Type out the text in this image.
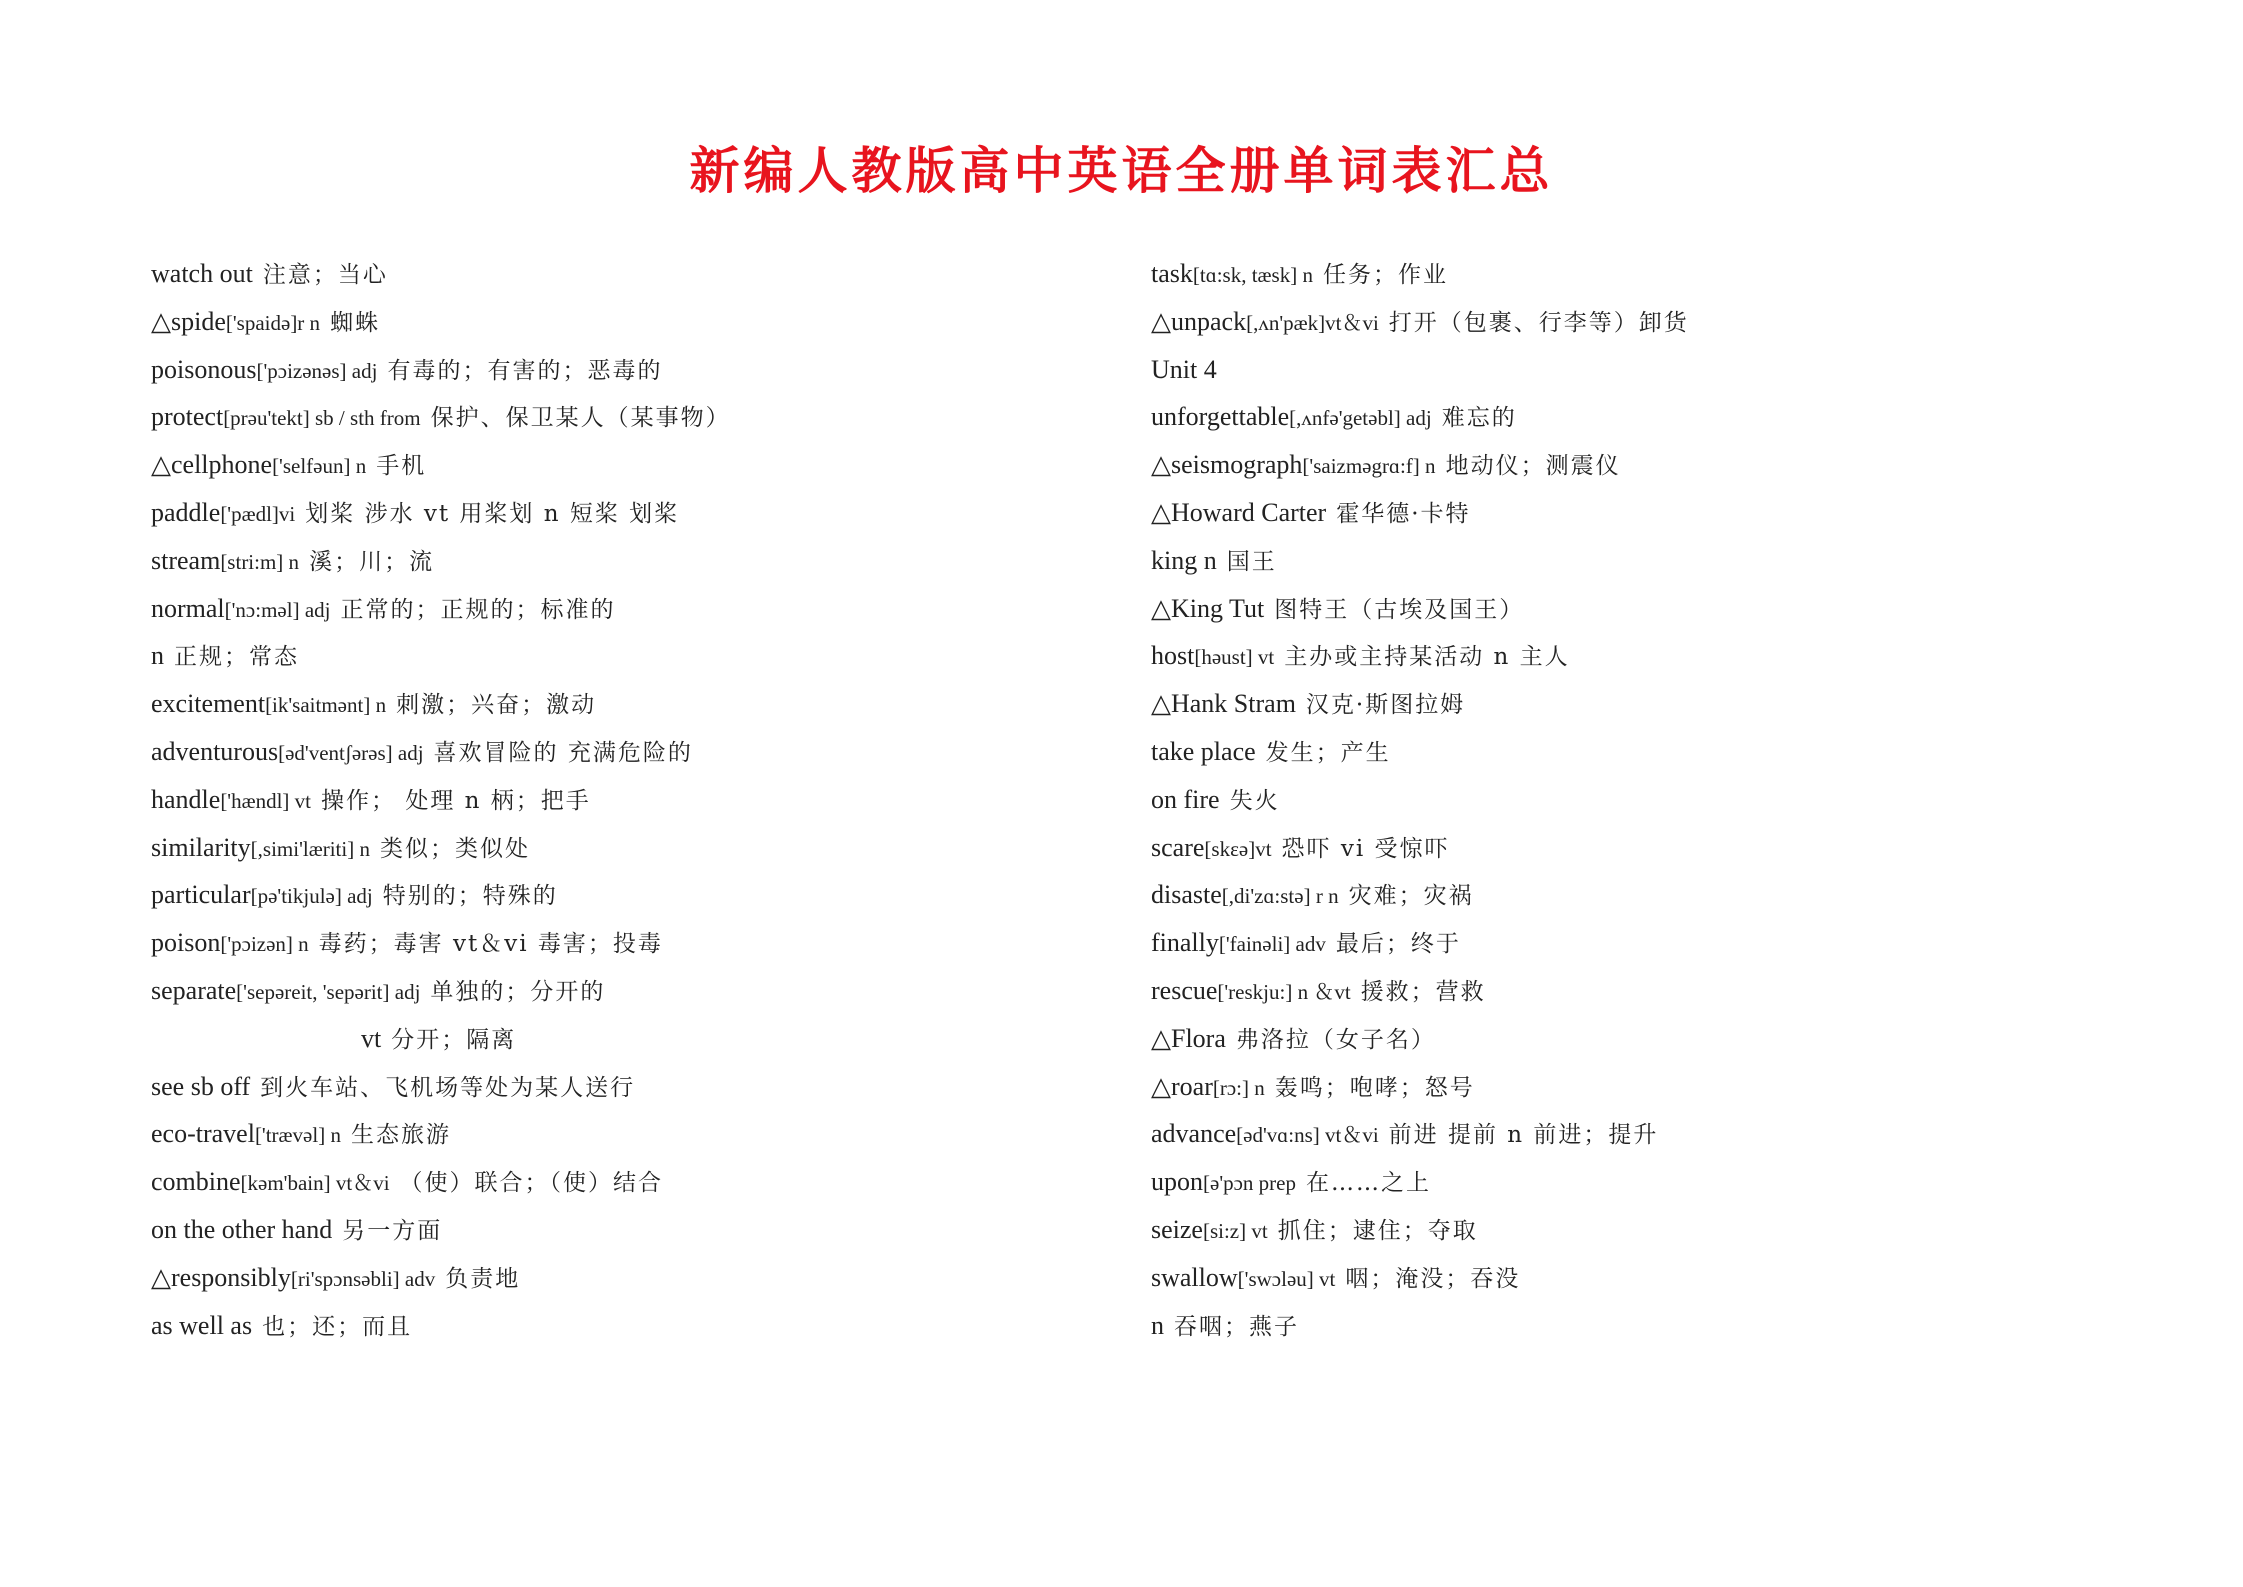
新编人教版高中英语全册单词表汇总
watch out 注意；当心
△spide['spaidə]r n 蜘蛛
poisonous['pɔizənəs] adj 有毒的；有害的；恶毒的
protect[prəu'tekt] sb / sth from 保护、保卫某人（某事物）
△cellphone['selfəun] n 手机
paddle['pædl]vi 划桨 涉水 vt 用桨划 n 短桨 划桨
stream[stri:m] n 溪；川；流
normal['nɔ:məl] adj 正常的；正规的；标准的
n 正规；常态
excitement[ik'saitmənt] n 刺激；兴奋；激动
adventurous[əd'ventʃərəs] adj 喜欢冒险的 充满危险的
handle['hændl] vt 操作； 处理 n 柄；把手
similarity[,simi'læriti] n 类似；类似处
particular[pə'tikjulə] adj 特别的；特殊的
poison['pɔizən] n 毒药；毒害 vt＆vi 毒害；投毒
separate['sepəreit, 'sepərit] adj 单独的；分开的
vt 分开；隔离
see sb off 到火车站、飞机场等处为某人送行
eco-travel['trævəl] n 生态旅游
combine[kəm'bain] vt＆vi （使）联合；（使）结合
on the other hand 另一方面
△responsibly[ri'spɔnsəbli] adv 负责地
as well as 也；还；而且
task[tɑ:sk, tæsk] n 任务；作业
△unpack[,ʌn'pæk]vt＆vi 打开（包裹、行李等）卸货
Unit 4
unforgettable[,ʌnfə'getəbl] adj 难忘的
△seismograph['saizməgrɑ:f] n 地动仪；测震仪
△Howard Carter 霍华德·卡特
king n 国王
△King Tut 图特王（古埃及国王）
host[həust] vt 主办或主持某活动 n 主人
△Hank Stram 汉克·斯图拉姆
take place 发生；产生
on fire 失火
scare[skεə]vt 恐吓 vi 受惊吓
disaste[,di'zɑ:stə] r n 灾难；灾祸
finally['fainəli] adv 最后；终于
rescue['reskju:] n ＆vt 援救；营救
△Flora 弗洛拉（女子名）
△roar[rɔ:] n 轰鸣；咆哮；怒号
advance[əd'vɑ:ns] vt＆vi 前进 提前 n 前进；提升
upon[ə'pɔn prep 在……之上
seize[si:z] vt 抓住；逮住；夺取
swallow['swɔləu] vt 咽；淹没；吞没
n 吞咽；燕子
